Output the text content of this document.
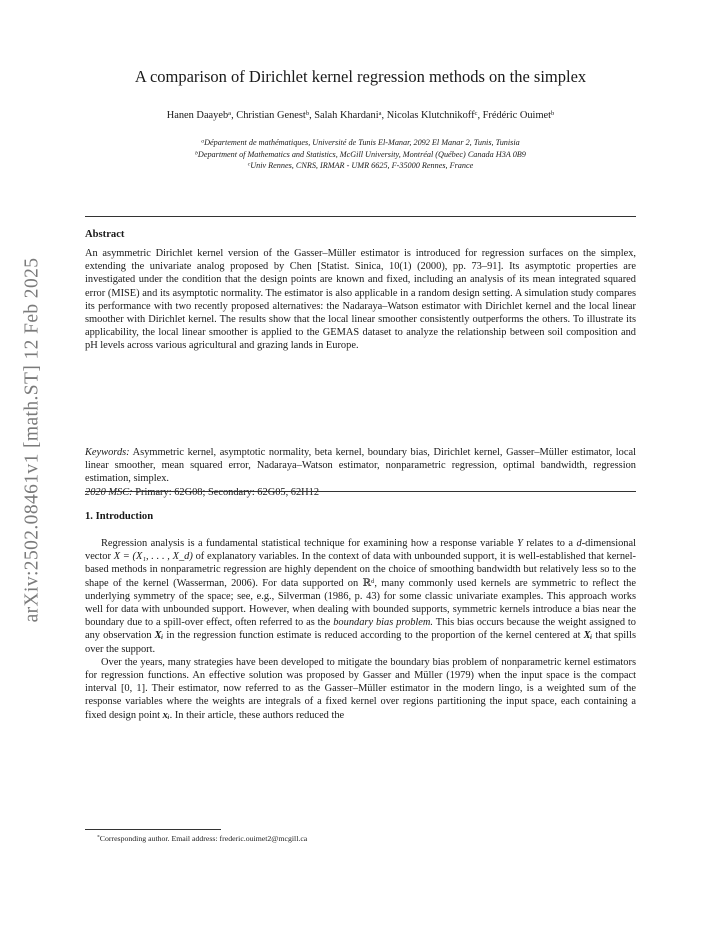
arXiv:2502.08461v1 [math.ST] 12 Feb 2025
A comparison of Dirichlet kernel regression methods on the simplex
Hanen Daayeb$^a$, Christian Genest$^b$, Salah Khardani$^a$, Nicolas Klutchnikoff$^c$, Frédéric Ouimet$^b$
$^a$Département de mathématiques, Université de Tunis El-Manar, 2092 El Manar 2, Tunis, Tunisia
$^b$Department of Mathematics and Statistics, McGill University, Montréal (Québec) Canada H3A 0B9
$^c$Univ Rennes, CNRS, IRMAR - UMR 6625, F-35000 Rennes, France
Abstract
An asymmetric Dirichlet kernel version of the Gasser–Müller estimator is introduced for regression surfaces on the simplex, extending the univariate analog proposed by Chen [Statist. Sinica, 10(1) (2000), pp. 73–91]. Its asymptotic properties are investigated under the condition that the design points are known and fixed, including an analysis of its mean integrated squared error (MISE) and its asymptotic normality. The estimator is also applicable in a random design setting. A simulation study compares its performance with two recently proposed alternatives: the Nadaraya–Watson estimator with Dirichlet kernel and the local linear smoother with Dirichlet kernel. The results show that the local linear smoother consistently outperforms the others. To illustrate its applicability, the local linear smoother is applied to the GEMAS dataset to analyze the relationship between soil composition and pH levels across various agricultural and grazing lands in Europe.
Keywords: Asymmetric kernel, asymptotic normality, beta kernel, boundary bias, Dirichlet kernel, Gasser–Müller estimator, local linear smoother, mean squared error, Nadaraya–Watson estimator, nonparametric regression, optimal bandwidth, regression estimation, simplex.
2020 MSC: Primary: 62G08; Secondary: 62G05, 62H12
1. Introduction

Regression analysis is a fundamental statistical technique for examining how a response variable Y relates to a d-dimensional vector X = (X₁, . . . , X_d) of explanatory variables. In the context of data with unbounded support, it is well-established that kernel-based methods in nonparametric regression are highly dependent on the choice of smoothing bandwidth but relatively less so to the shape of the kernel (Wasserman, 2006). For data supported on ℝᵈ, many commonly used kernels are symmetric to reflect the underlying symmetry of the space; see, e.g., Silverman (1986, p. 43) for some classic univariate examples. This approach works well for data with unbounded support. However, when dealing with bounded supports, symmetric kernels introduce a bias near the boundary due to a spill-over effect, often referred to as the boundary bias problem. This bias occurs because the weight assigned to any observation Xᵢ in the regression function estimate is reduced according to the proportion of the kernel centered at Xᵢ that spills over the support.

Over the years, many strategies have been developed to mitigate the boundary bias problem of nonparametric kernel estimators for regression functions. An effective solution was proposed by Gasser and Müller (1979) when the input space is the compact interval [0, 1]. Their estimator, now referred to as the Gasser–Müller estimator in the modern lingo, is a weighted sum of the response variables where the weights are integrals of a fixed kernel over regions partitioning the input space, each containing a fixed design point xᵢ. In their article, these authors reduced the

*Corresponding author. Email address: frederic.ouimet2@mcgill.ca
